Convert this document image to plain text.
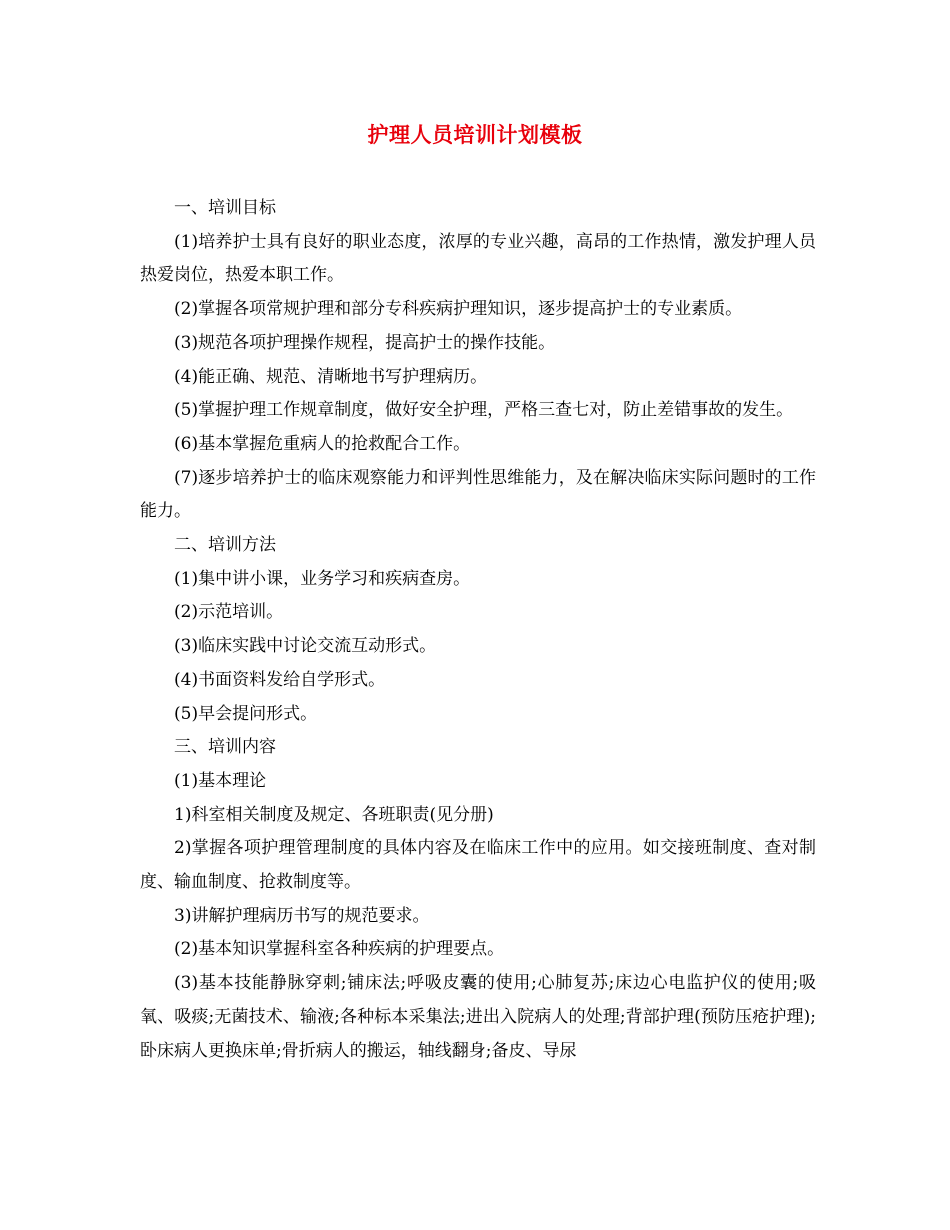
护理人员培训计划模板

一、培训目标

(1)培养护士具有良好的职业态度，浓厚的专业兴趣，高昂的工作热情，激发护理人员热爱岗位，热爱本职工作。

(2)掌握各项常规护理和部分专科疾病护理知识，逐步提高护士的专业素质。

(3)规范各项护理操作规程，提高护士的操作技能。

(4)能正确、规范、清晰地书写护理病历。

(5)掌握护理工作规章制度，做好安全护理，严格三查七对，防止差错事故的发生。

(6)基本掌握危重病人的抢救配合工作。

(7)逐步培养护士的临床观察能力和评判性思维能力，及在解决临床实际问题时的工作能力。

二、培训方法

(1)集中讲小课，业务学习和疾病查房。

(2)示范培训。

(3)临床实践中讨论交流互动形式。

(4)书面资料发给自学形式。

(5)早会提问形式。

三、培训内容

(1)基本理论

1)科室相关制度及规定、各班职责(见分册)

2)掌握各项护理管理制度的具体内容及在临床工作中的应用。如交接班制度、查对制度、输血制度、抢救制度等。

3)讲解护理病历书写的规范要求。

(2)基本知识掌握科室各种疾病的护理要点。

(3)基本技能静脉穿刺;铺床法;呼吸皮囊的使用;心肺复苏;床边心电监护仪的使用;吸氧、吸痰;无菌技术、输液;各种标本采集法;进出入院病人的处理;背部护理(预防压疮护理);卧床病人更换床单;骨折病人的搬运，轴线翻身;备皮、导尿
